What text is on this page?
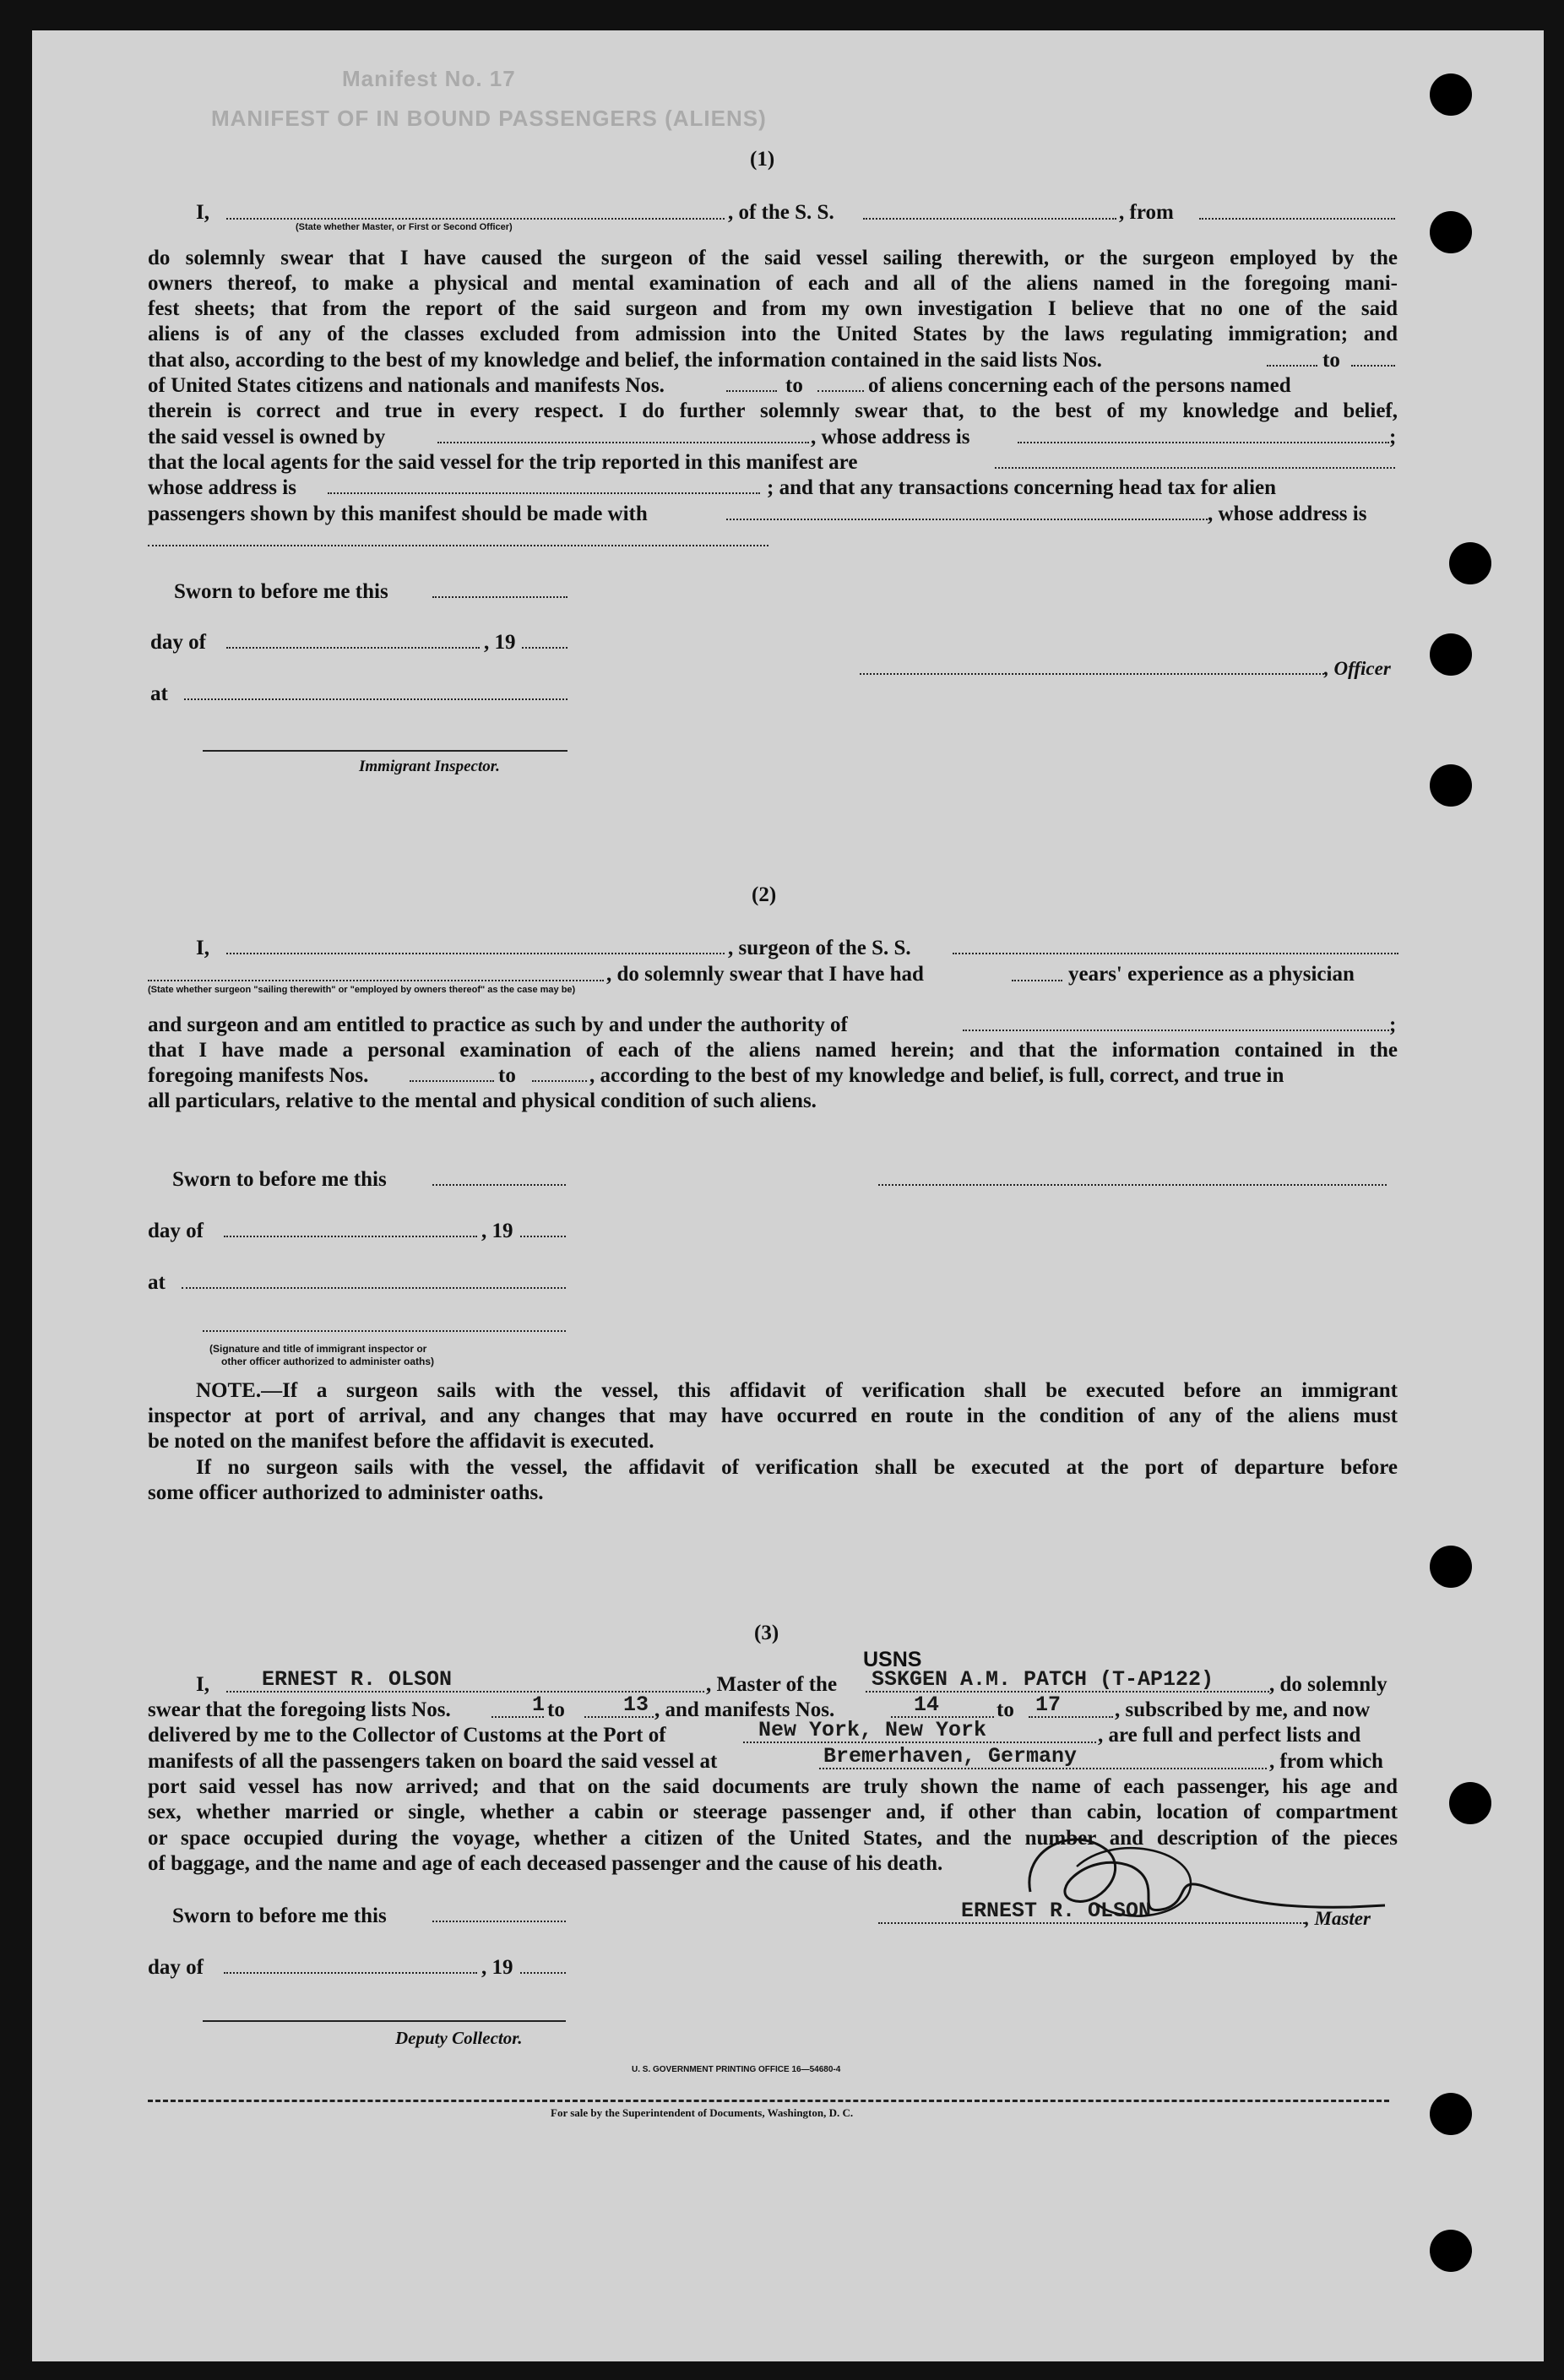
Manifest No. 17
MANIFEST OF IN BOUND PASSENGERS (ALIENS)
(1)
I,	, of the S. S.	, from
(State whether Master, or First or Second Officer)
do solemnly swear that I have caused the surgeon of the said vessel sailing therewith, or the surgeon employed by the
owners thereof, to make a physical and mental examination of each and all of the aliens named in the foregoing mani-
fest sheets; that from the report of the said surgeon and from my own investigation I believe that no one of the said
aliens is of any of the classes excluded from admission into the United States by the laws regulating immigration; and
that also, according to the best of my knowledge and belief, the information contained in the said lists Nos.	to
of United States citizens and nationals and manifests Nos.	to	of aliens concerning each of the persons named
therein is correct and true in every respect. I do further solemnly swear that, to the best of my knowledge and belief,
the said vessel is owned by	, whose address is	;
that the local agents for the said vessel for the trip reported in this manifest are
whose address is	; and that any transactions concerning head tax for alien
passengers shown by this manifest should be made with	, whose address is
Sworn to before me this
day of	, 19
at
, Officer
Immigrant Inspector.
(2)
I,	, surgeon of the S. S.
, do solemnly swear that I have had	years' experience as a physician
(State whether surgeon "sailing therewith" or "employed by owners thereof" as the case may be)
and surgeon and am entitled to practice as such by and under the authority of	;
that I have made a personal examination of each of the aliens named herein; and that the information contained in the
foregoing manifests Nos.	to	, according to the best of my knowledge and belief, is full, correct, and true in
all particulars, relative to the mental and physical condition of such aliens.
Sworn to before me this
day of	, 19
at
(Signature and title of immigrant inspector or
other officer authorized to administer oaths)
NOTE.—If a surgeon sails with the vessel, this affidavit of verification shall be executed before an immigrant
inspector at port of arrival, and any changes that may have occurred en route in the condition of any of the aliens must
be noted on the manifest before the affidavit is executed.
If no surgeon sails with the vessel, the affidavit of verification shall be executed at the port of departure before
some officer authorized to administer oaths.
(3)
USNS
I, ERNEST R. OLSON	, Master of the SSKGEN A.M. PATCH (T-AP122)	, do solemnly
swear that the foregoing lists Nos.	1 to	13 , and manifests Nos.	14	to 17	, subscribed by me, and now
delivered by me to the Collector of Customs at the Port of	New York, New York	, are full and perfect lists and
manifests of all the passengers taken on board the said vessel at	Bremerhaven, Germany	, from which
port said vessel has now arrived; and that on the said documents are truly shown the name of each passenger, his age and
sex, whether married or single, whether a cabin or steerage passenger and, if other than cabin, location of compartment
or space occupied during the voyage, whether a citizen of the United States, and the number and description of the pieces
of baggage, and the name and age of each deceased passenger and the cause of his death.
Sworn to before me this	ERNEST R. OLSON	, Master
day of	, 19
Deputy Collector.
U. S. GOVERNMENT PRINTING OFFICE 16—54680-4
For sale by the Superintendent of Documents, Washington, D. C.
